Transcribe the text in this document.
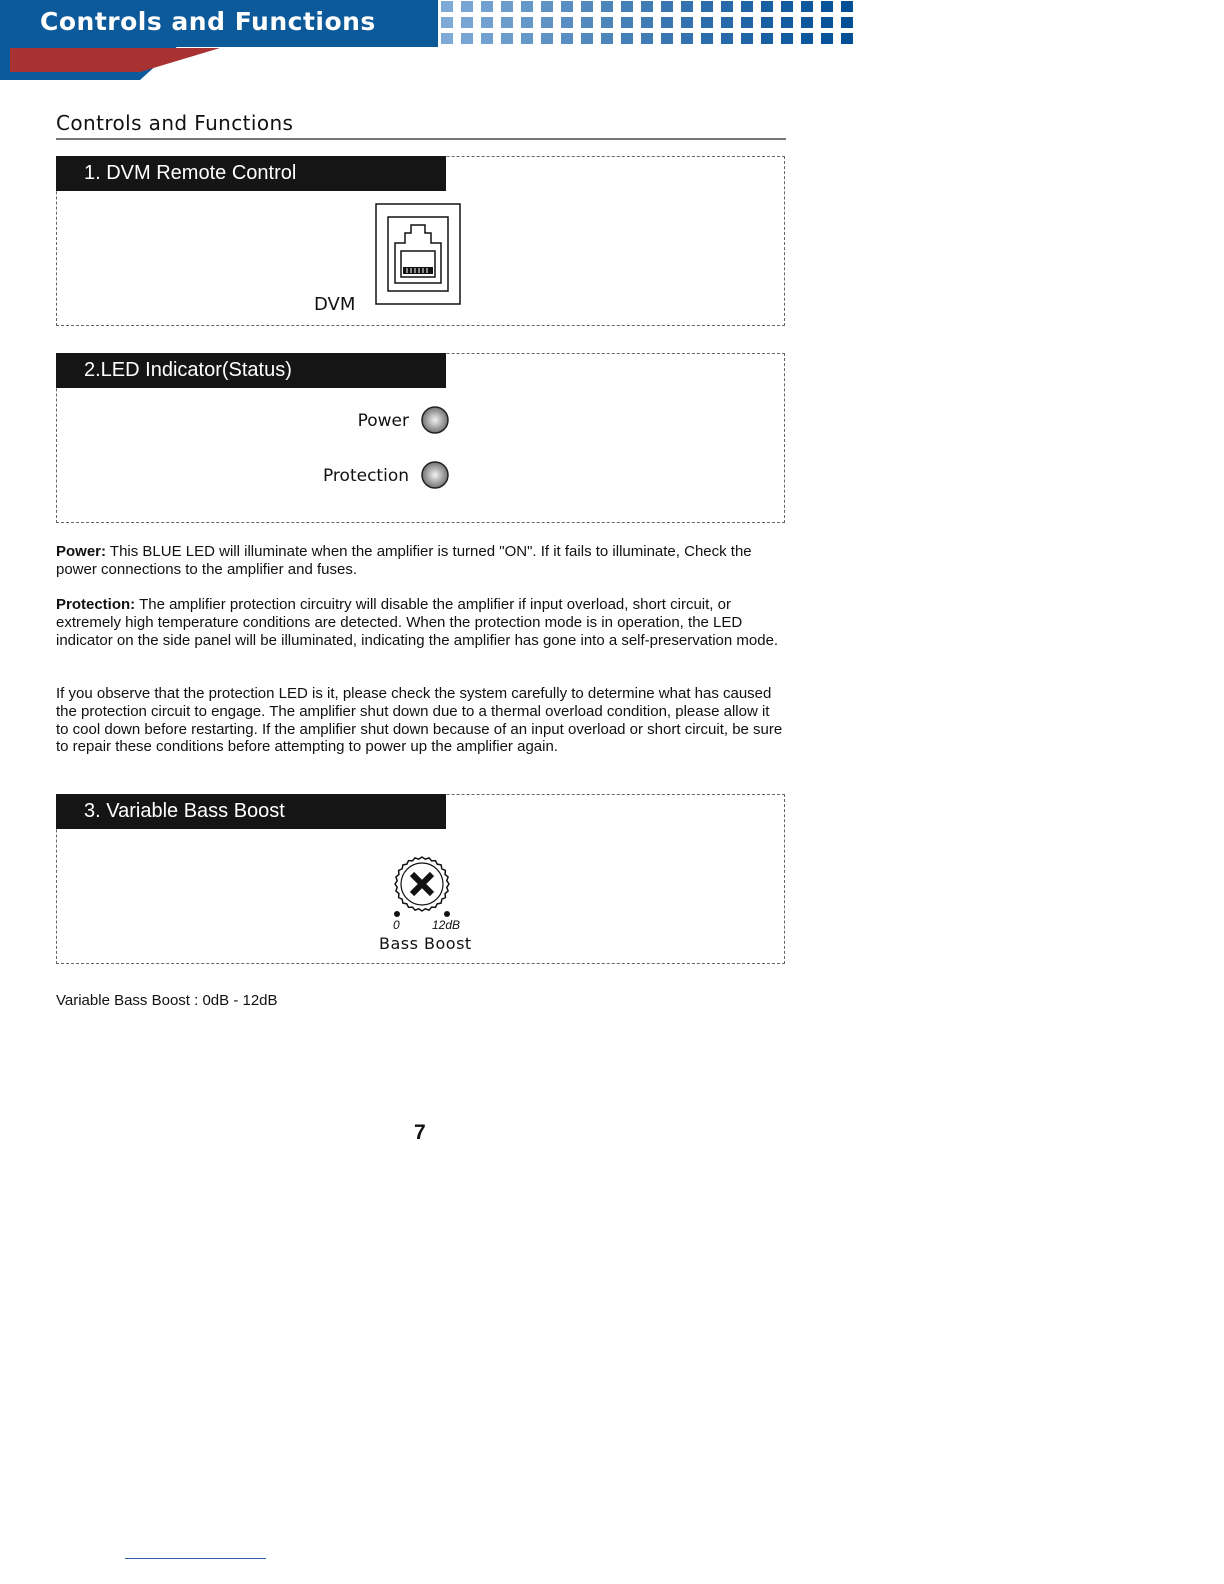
Controls and Functions
Controls and Functions
1. DVM Remote Control
DVM
2.LED Indicator(Status)
Power
Protection

Power: This BLUE LED will illuminate when the amplifier is turned "ON". If it fails to illuminate, Check the power connections to the amplifier and fuses.

Protection: The amplifier protection circuitry will disable the amplifier if input overload, short circuit, or extremely high temperature conditions are detected. When the protection mode is in operation, the LED indicator on the side panel will be illuminated, indicating the amplifier has gone into a self-preservation mode.

If you observe that the protection LED is it, please check the system carefully to determine what has caused the protection circuit to engage. The amplifier shut down due to a thermal overload condition, please allow it to cool down before restarting. If the amplifier shut down because of an input overload or short circuit, be sure to repair these conditions before attempting to power up the amplifier again.

3. Variable Bass Boost
0	12dB
Bass Boost

Variable Bass Boost : 0dB - 12dB

7
